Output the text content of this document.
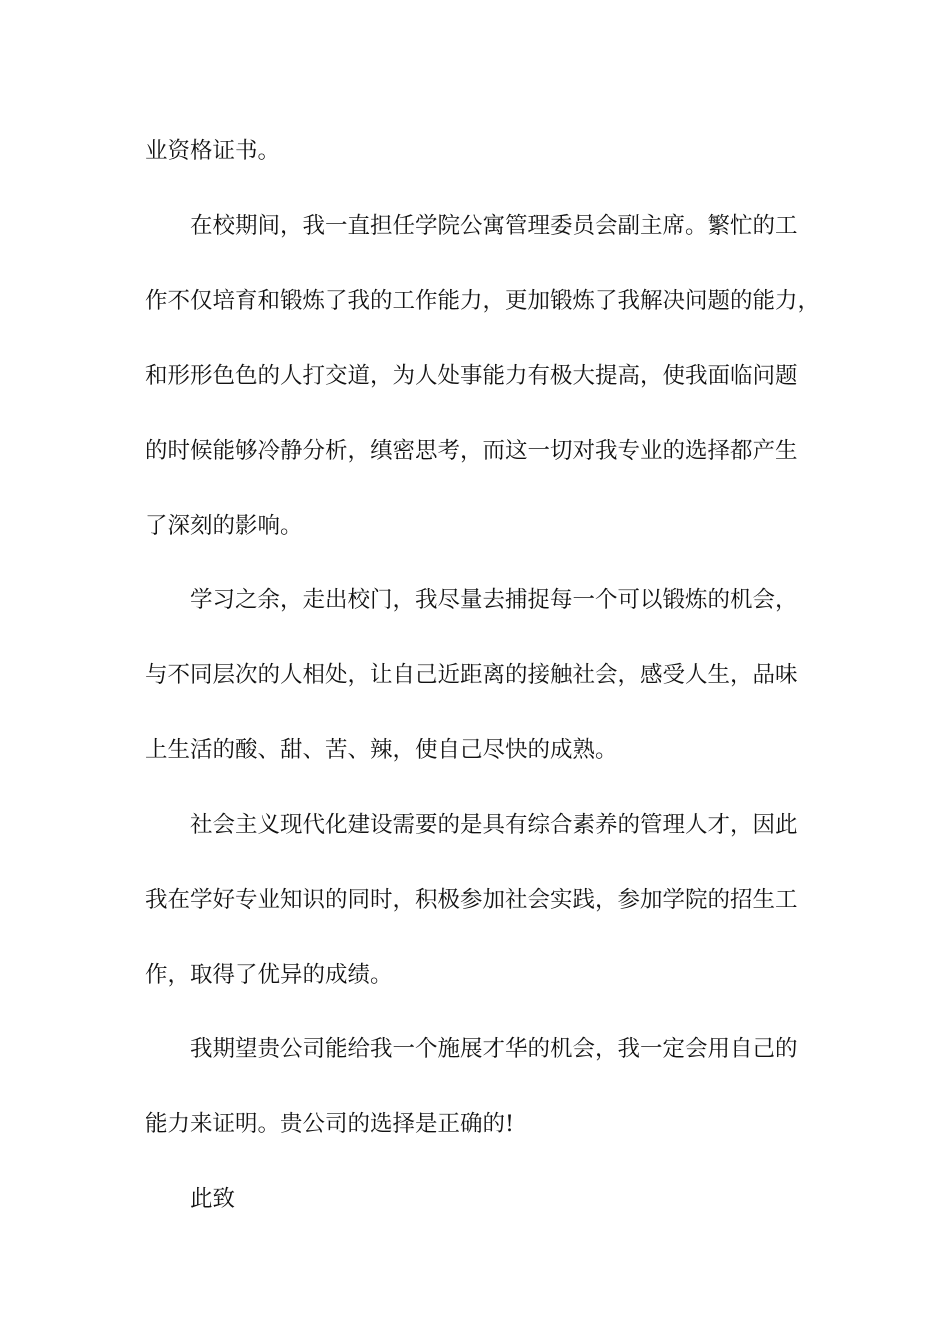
业资格证书。

在校期间，我一直担任学院公寓管理委员会副主席。繁忙的工

作不仅培育和锻炼了我的工作能力，更加锻炼了我解决问题的能力，

和形形色色的人打交道，为人处事能力有极大提高，使我面临问题

的时候能够冷静分析，缜密思考，而这一切对我专业的选择都产生

了深刻的影响。

学习之余，走出校门，我尽量去捕捉每一个可以锻炼的机会，

与不同层次的人相处，让自己近距离的接触社会，感受人生，品味

上生活的酸、甜、苦、辣，使自己尽快的成熟。

社会主义现代化建设需要的是具有综合素养的管理人才，因此

我在学好专业知识的同时，积极参加社会实践，参加学院的招生工

作，取得了优异的成绩。

我期望贵公司能给我一个施展才华的机会，我一定会用自己的

能力来证明。贵公司的选择是正确的!

此致
